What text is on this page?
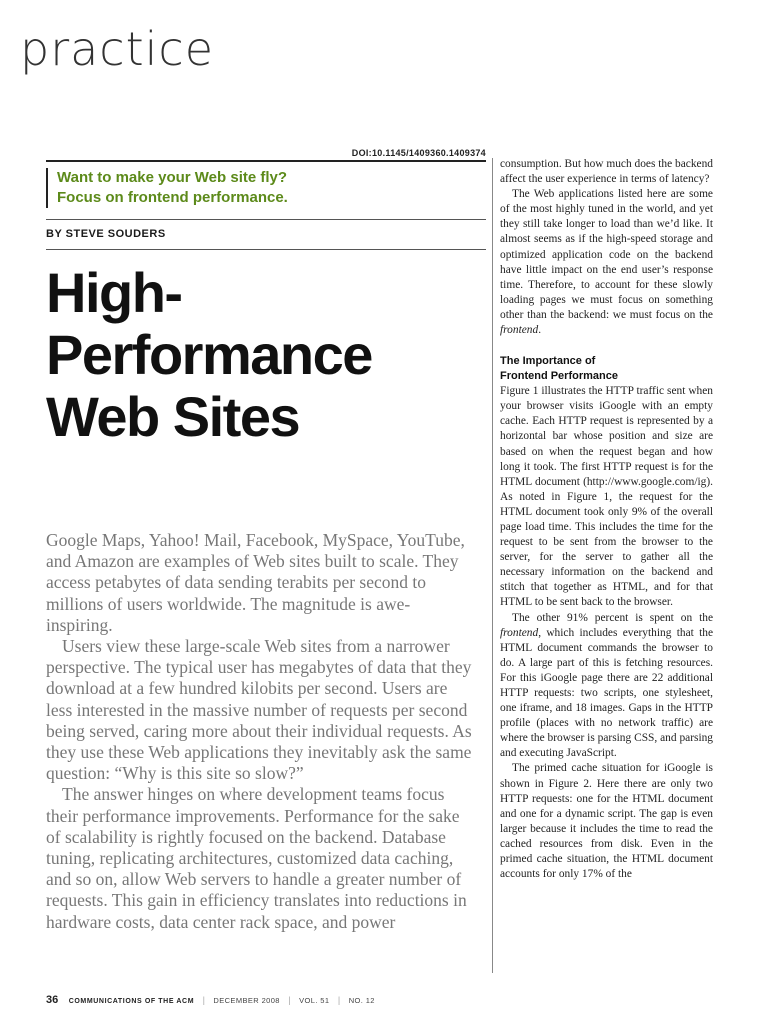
practice
DOI:10.1145/1409360.1409374
Want to make your Web site fly?
Focus on frontend performance.
BY STEVE SOUDERS
High-
Performance
Web Sites

Google Maps, Yahoo! Mail, Facebook, MySpace, YouTube, and Amazon are examples of Web sites built to scale. They access petabytes of data sending terabits per second to millions of users worldwide. The magnitude is awe-inspiring.

Users view these large-scale Web sites from a narrower perspective. The typical user has megabytes of data that they download at a few hundred kilobits per second. Users are less interested in the massive number of requests per second being served, caring more about their individual requests. As they use these Web applications they inevitably ask the same question: “Why is this site so slow?”

The answer hinges on where development teams focus their performance improvements. Performance for the sake of scalability is rightly focused on the backend. Database tuning, replicating architectures, customized data caching, and so on, allow Web servers to handle a greater number of requests. This gain in efficiency translates into reductions in hardware costs, data center rack space, and power

consumption. But how much does the backend affect the user experience in terms of latency?

The Web applications listed here are some of the most highly tuned in the world, and yet they still take longer to load than we’d like. It almost seems as if the high-speed storage and optimized application code on the backend have little impact on the end user’s response time. Therefore, to account for these slowly loading pages we must focus on something other than the backend: we must focus on the frontend.

The Importance of
Frontend Performance

Figure 1 illustrates the HTTP traffic sent when your browser visits iGoogle with an empty cache. Each HTTP request is represented by a horizontal bar whose position and size are based on when the request began and how long it took. The first HTTP request is for the HTML document (http://www.google.com/ig). As noted in Figure 1, the request for the HTML document took only 9% of the overall page load time. This includes the time for the request to be sent from the browser to the server, for the server to gather all the necessary information on the backend and stitch that together as HTML, and for that HTML to be sent back to the browser.

The other 91% percent is spent on the frontend, which includes everything that the HTML document commands the browser to do. A large part of this is fetching resources. For this iGoogle page there are 22 additional HTTP requests: two scripts, one stylesheet, one iframe, and 18 images. Gaps in the HTTP profile (places with no network traffic) are where the browser is parsing CSS, and parsing and executing JavaScript.

The primed cache situation for iGoogle is shown in Figure 2. Here there are only two HTTP requests: one for the HTML document and one for a dynamic script. The gap is even larger because it includes the time to read the cached resources from disk. Even in the primed cache situation, the HTML document accounts for only 17% of the

36 COMMUNICATIONS OF THE ACM | DECEMBER 2008 | VOL. 51 | NO. 12
